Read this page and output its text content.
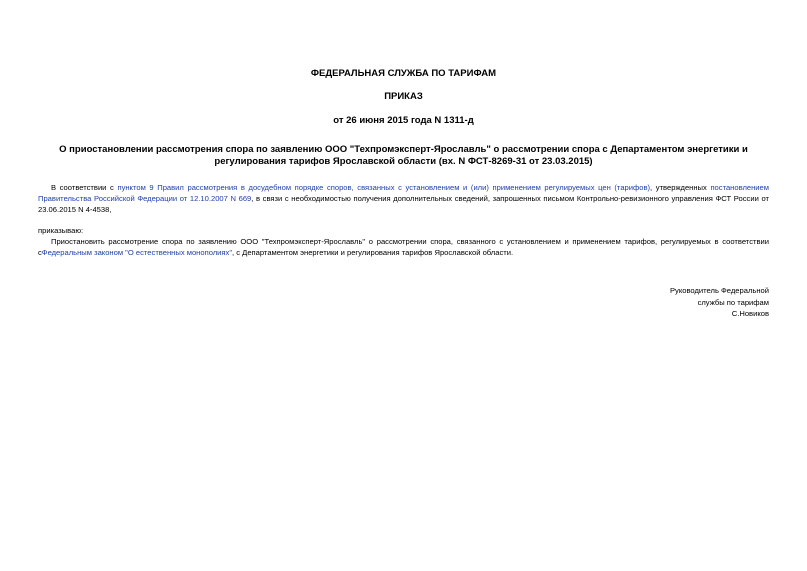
ФЕДЕРАЛЬНАЯ СЛУЖБА ПО ТАРИФАМ
ПРИКАЗ
от 26 июня 2015 года N 1311-д
О приостановлении рассмотрения спора по заявлению ООО "Техпромэксперт-Ярославль" о рассмотрении спора с Департаментом энергетики и регулирования тарифов Ярославской области (вх. N ФСТ-8269-31 от 23.03.2015)
В соответствии с пунктом 9 Правил рассмотрения в досудебном порядке споров, связанных с установлением и (или) применением регулируемых цен (тарифов), утвержденных постановлением Правительства Российской Федерации от 12.10.2007 N 669, в связи с необходимостью получения дополнительных сведений, запрошенных письмом Контрольно-ревизионного управления ФСТ России от 23.06.2015 N 4-4538,
приказываю:
Приостановить рассмотрение спора по заявлению ООО "Техпромэксперт-Ярославль" о рассмотрении спора, связанного с установлением и применением тарифов, регулируемых в соответствии сФедеральным законом "О естественных монополиях", с Департаментом энергетики и регулирования тарифов Ярославской области.
Руководитель Федеральной
службы по тарифам
С.Новиков
